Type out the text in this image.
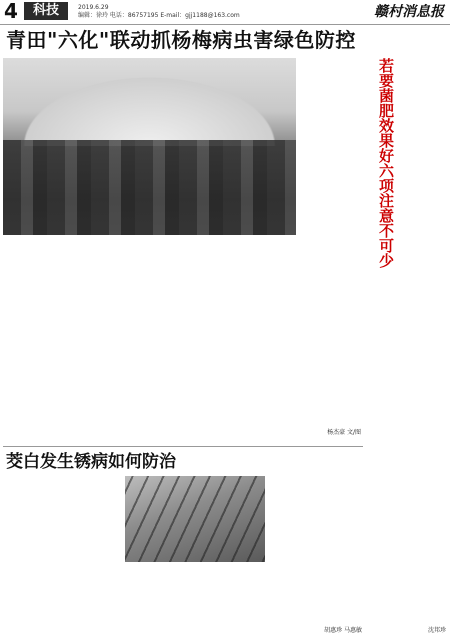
4	科技	2019.6.29
编辑：徐玲 电话：86757195 E-mail：gjj1188@163.com	赣村消息报
青田"六化"联动抓杨梅病虫害绿色防控
若要菌肥效果好六项注意不可少
杨杰豪 文/图
沈邦珍
茭白发生锈病如何防治
胡惠珍 马惠敏
